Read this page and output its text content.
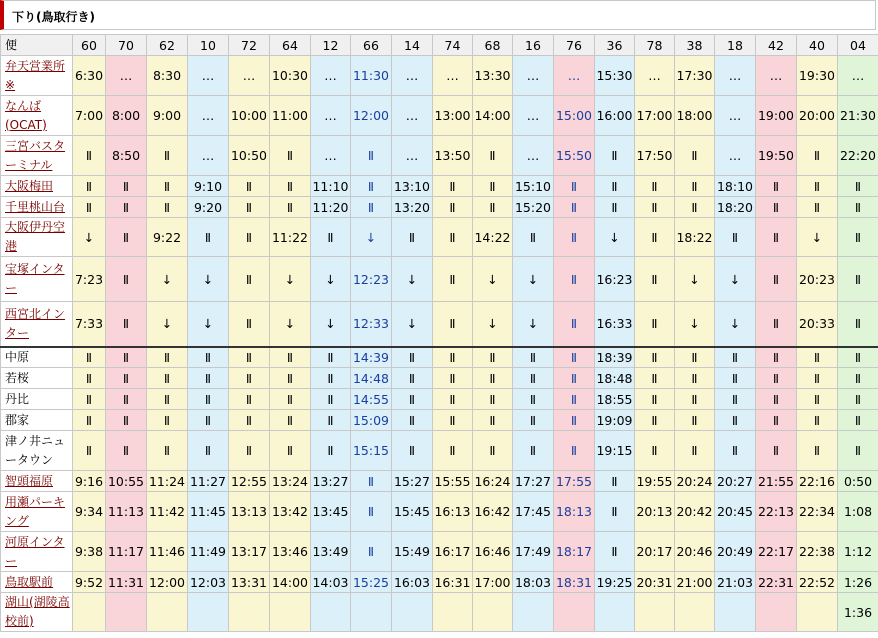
下り(鳥取行き)
便	60	70	62	10	72	64	12	66	14	74	68	16	76	36	78	38	18	42	40	04
弁天営業所※	6:30	…	8:30	…	…	10:30	…	11:30	…	…	13:30	…	…	15:30	…	17:30	…	…	19:30	…
なんば(OCAT)	7:00	8:00	9:00	…	10:00	11:00	…	12:00	…	13:00	14:00	…	15:00	16:00	17:00	18:00	…	19:00	20:00	21:30
三宮バスターミナル	Ⅱ	8:50	Ⅱ	…	10:50	Ⅱ	…	Ⅱ	…	13:50	Ⅱ	…	15:50	Ⅱ	17:50	Ⅱ	…	19:50	Ⅱ	22:20
大阪梅田	Ⅱ	Ⅱ	Ⅱ	9:10	Ⅱ	Ⅱ	11:10	Ⅱ	13:10	Ⅱ	Ⅱ	15:10	Ⅱ	Ⅱ	Ⅱ	Ⅱ	18:10	Ⅱ	Ⅱ	Ⅱ
千里桃山台	Ⅱ	Ⅱ	Ⅱ	9:20	Ⅱ	Ⅱ	11:20	Ⅱ	13:20	Ⅱ	Ⅱ	15:20	Ⅱ	Ⅱ	Ⅱ	Ⅱ	18:20	Ⅱ	Ⅱ	Ⅱ
大阪伊丹空港	↓	Ⅱ	9:22	Ⅱ	Ⅱ	11:22	Ⅱ	↓	Ⅱ	Ⅱ	14:22	Ⅱ	Ⅱ	↓	Ⅱ	18:22	Ⅱ	Ⅱ	↓	Ⅱ
宝塚インター	7:23	Ⅱ	↓	↓	Ⅱ	↓	↓	12:23	↓	Ⅱ	↓	↓	Ⅱ	16:23	Ⅱ	↓	↓	Ⅱ	20:23	Ⅱ
西宮北インター	7:33	Ⅱ	↓	↓	Ⅱ	↓	↓	12:33	↓	Ⅱ	↓	↓	Ⅱ	16:33	Ⅱ	↓	↓	Ⅱ	20:33	Ⅱ
中原	Ⅱ	Ⅱ	Ⅱ	Ⅱ	Ⅱ	Ⅱ	Ⅱ	14:39	Ⅱ	Ⅱ	Ⅱ	Ⅱ	Ⅱ	18:39	Ⅱ	Ⅱ	Ⅱ	Ⅱ	Ⅱ	Ⅱ
若桜	Ⅱ	Ⅱ	Ⅱ	Ⅱ	Ⅱ	Ⅱ	Ⅱ	14:48	Ⅱ	Ⅱ	Ⅱ	Ⅱ	Ⅱ	18:48	Ⅱ	Ⅱ	Ⅱ	Ⅱ	Ⅱ	Ⅱ
丹比	Ⅱ	Ⅱ	Ⅱ	Ⅱ	Ⅱ	Ⅱ	Ⅱ	14:55	Ⅱ	Ⅱ	Ⅱ	Ⅱ	Ⅱ	18:55	Ⅱ	Ⅱ	Ⅱ	Ⅱ	Ⅱ	Ⅱ
郡家	Ⅱ	Ⅱ	Ⅱ	Ⅱ	Ⅱ	Ⅱ	Ⅱ	15:09	Ⅱ	Ⅱ	Ⅱ	Ⅱ	Ⅱ	19:09	Ⅱ	Ⅱ	Ⅱ	Ⅱ	Ⅱ	Ⅱ
津ノ井ニュータウン	Ⅱ	Ⅱ	Ⅱ	Ⅱ	Ⅱ	Ⅱ	Ⅱ	15:15	Ⅱ	Ⅱ	Ⅱ	Ⅱ	Ⅱ	19:15	Ⅱ	Ⅱ	Ⅱ	Ⅱ	Ⅱ	Ⅱ
智頭福原	9:16	10:55	11:24	11:27	12:55	13:24	13:27	Ⅱ	15:27	15:55	16:24	17:27	17:55	Ⅱ	19:55	20:24	20:27	21:55	22:16	0:50
用瀬パーキング	9:34	11:13	11:42	11:45	13:13	13:42	13:45	Ⅱ	15:45	16:13	16:42	17:45	18:13	Ⅱ	20:13	20:42	20:45	22:13	22:34	1:08
河原インター	9:38	11:17	11:46	11:49	13:17	13:46	13:49	Ⅱ	15:49	16:17	16:46	17:49	18:17	Ⅱ	20:17	20:46	20:49	22:17	22:38	1:12
鳥取駅前	9:52	11:31	12:00	12:03	13:31	14:00	14:03	15:25	16:03	16:31	17:00	18:03	18:31	19:25	20:31	21:00	21:03	22:31	22:52	1:26
湖山(湖陵高校前)																				1:36
